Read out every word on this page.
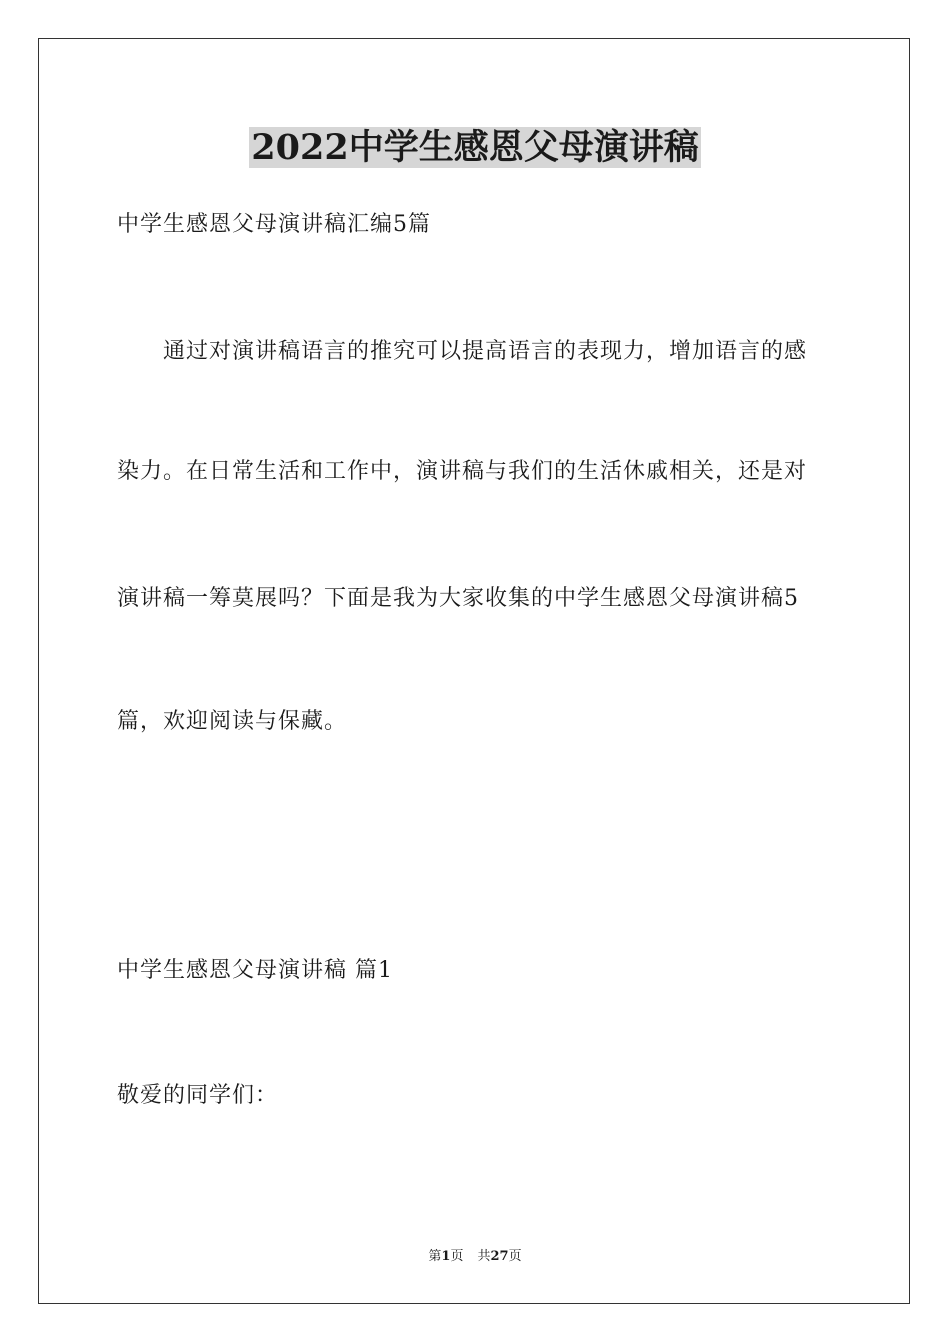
2022中学生感恩父母演讲稿
中学生感恩父母演讲稿汇编5篇
通过对演讲稿语言的推究可以提高语言的表现力，增加语言的感
染力。在日常生活和工作中，演讲稿与我们的生活休戚相关，还是对
演讲稿一筹莫展吗？下面是我为大家收集的中学生感恩父母演讲稿5
篇，欢迎阅读与保藏。
中学生感恩父母演讲稿 篇1
敬爱的同学们：
第1页 共27页
